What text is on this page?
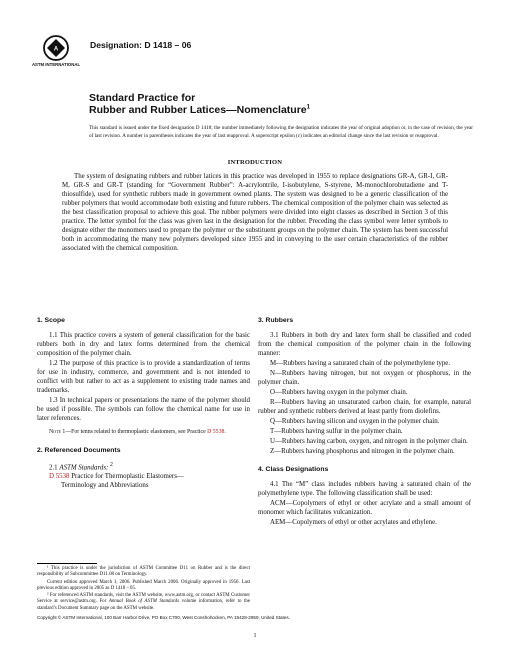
A
ASTM INTERNATIONAL
Designation: D 1418 – 06
Standard Practice for
Rubber and Rubber Latices—Nomenclature$^1$
This standard is issued under the fixed designation D 1418; the number immediately following the designation indicates the year of original adoption or, in the case of revision, the year of last revision. A number in parentheses indicates the year of last reapproval. A superscript epsilon (ε) indicates an editorial change since the last revision or reapproval.
INTRODUCTION
The system of designating rubbers and rubber latices in this practice was developed in 1955 to replace designations GR-A, GR-I, GR-M, GR-S and GR-T (standing for “Government Rubber”: A-acrylontrile, I-isobutylene, S-styrene, M-monochlorobutadiene and T-thiosulfide), used for synthetic rubbers made in government owned plants. The system was designed to be a generic classification of the rubber polymers that would accommodate both existing and future rubbers. The chemical composition of the polymer chain was selected as the best classification proposal to achieve this goal. The rubber polymers were divided into eight classes as described in Section 3 of this practice. The letter symbol for the class was given last in the designation for the rubber. Preceding the class symbol were letter symbols to designate either the monomers used to prepare the polymer or the substituent groups on the polymer chain. The system has been successful both in accommodating the many new polymers developed since 1955 and in conveying to the user certain characteristics of the rubber associated with the chemical composition.
1. Scope
1.1 This practice covers a system of general classification for the basic rubbers both in dry and latex forms determined from the chemical composition of the polymer chain.
1.2 The purpose of this practice is to provide a standardization of terms for use in industry, commerce, and government and is not intended to conflict with but rather to act as a supplement to existing trade names and trademarks.
1.3 In technical papers or presentations the name of the polymer should be used if possible. The symbols can follow the chemical name for use in later references.
Note 1—For tenns related to thermoplastic elastomers, see Practice D 5538.
2. Referenced Documents
2.1 ASTM Standards: $^2$
D 5538 Practice for Thermoplastic Elastomers—
Terminology and Abbreviations
¹ This practice is under the jurisdiction of ASTM Committee D11 on Rubber and is the direct responsibility of Subcommittee D11.08 on Terminology.
Current edition approved March 1, 2006. Published March 2006. Originally approved in 1956. Last previous edition approved in 2005 as D 1418 – 05.
² For referenced ASTM standards, visit the ASTM website, www.astm.org, or contact ASTM Customer Service at service@astm.org. For Annual Book of ASTM Standards volume information, refer to the standard’s Document Summary page on the ASTM website.
3. Rubbers
3.1 Rubbers in both dry and latex form shall be classified and coded from the chemical composition of the polymer chain in the following manner:
M—Rubbers having a saturated chain of the polymethylene type.
N—Rubbers having nitrogen, but not oxygen or phosphorus, in the polymer chain.
O—Rubbers having oxygen in the polymer chain.
R—Rubbers having an unsaturated carbon chain, for example, natural rubber and synthetic rubbers derived at least partly from diolefins.
Q—Rubbers having silicon and oxygen in the polymer chain.
T—Rubbers having sulfur in the polymer chain.
U—Rubbers having carbon, oxygen, and nitrogen in the polymer chain.
Z—Rubbers having phosphorus and nitrogen in the polymer chain.
4. Class Designations
4.1 The “M” class includes rubbers having a saturated chain of the polymethylene type. The following classification shall be used:
ACM—Copolymers of ethyl or other acrylate and a small amount of monomer which facilitates vulcanization.
AEM—Copolymers of ethyl or other acrylates and ethylene.
Copyright © ASTM International, 100 Barr Harbor Drive, PO Box C700, West Conshohocken, PA 19428-2959, United States.
1
